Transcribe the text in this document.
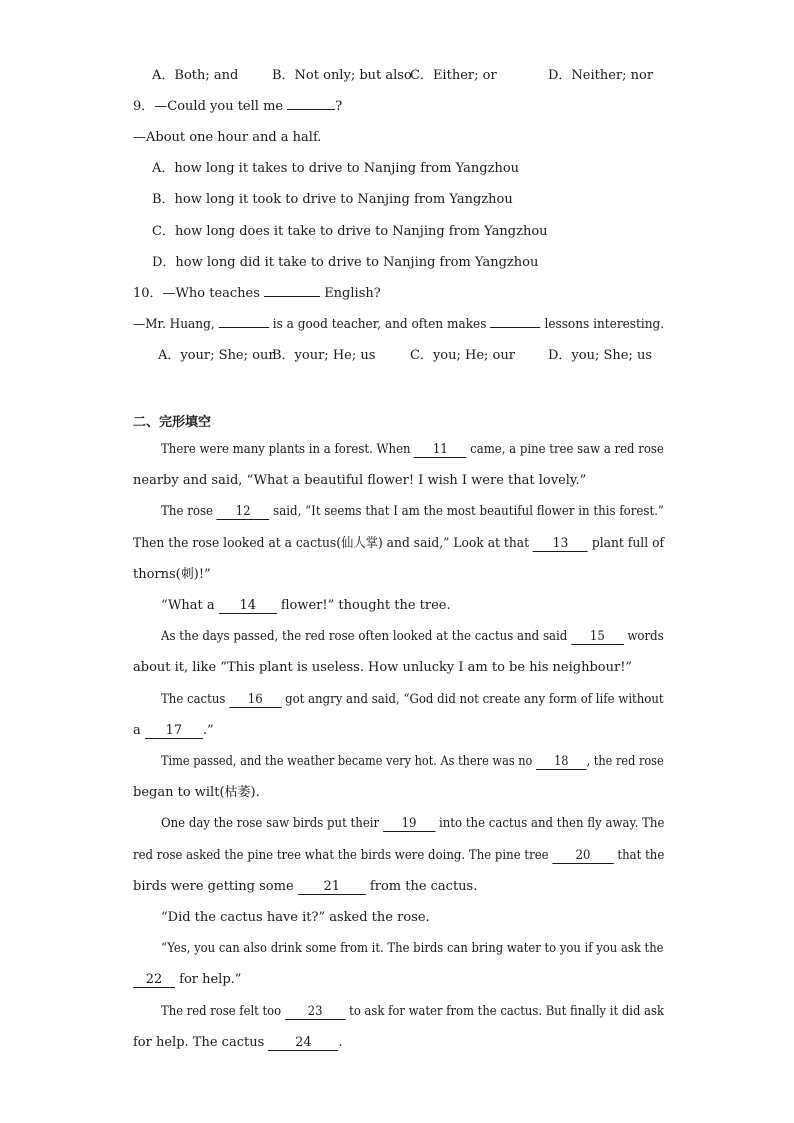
A．Both; and	B．Not only; but also
C．Either; or	D．Neither; nor
9．—Could you tell me	?
—About one hour and a half.
A．how long it takes to drive to Nanjing from Yangzhou
B．how long it took to drive to Nanjing from Yangzhou
C．how long does it take to drive to Nanjing from Yangzhou
D．how long did it take to drive to Nanjing from Yangzhou
10．—Who teaches	English?
—Mr. Huang,	is a good teacher, and often makes	lessons interesting.
A．your; She; our
B．your; He; us	C．you; He; our	D．you; She; us
二、完形填空
There were many plants in a forest. When 11 came, a pine tree saw a red rose
nearby and said, “What a beautiful flower! I wish I were that lovely.”
The rose 12 said, “It seems that I am the most beautiful flower in this forest.”
Then the rose looked at a cactus(仙人掌) and said,” Look at that 13 plant full of
thorns(刺)!”
“What a 14 flower!” thought the tree.
As the days passed, the red rose often looked at the cactus and said 15 words
about it, like “This plant is useless. How unlucky I am to be his neighbour!”
The cactus 16 got angry and said, “God did not create any form of life without
a 17 .”
Time passed, and the weather became very hot. As there was no 18 , the red rose
began to wilt(枯萎).
One day the rose saw birds put their 19 into the cactus and then fly away. The
red rose asked the pine tree what the birds were doing. The pine tree 20 that the
birds were getting some 21 from the cactus.
“Did the cactus have it?” asked the rose.
“Yes, you can also drink some from it. The birds can bring water to you if you ask the
22 for help.”
The red rose felt too 23 to ask for water from the cactus. But finally it did ask
for help. The cactus 24 .
